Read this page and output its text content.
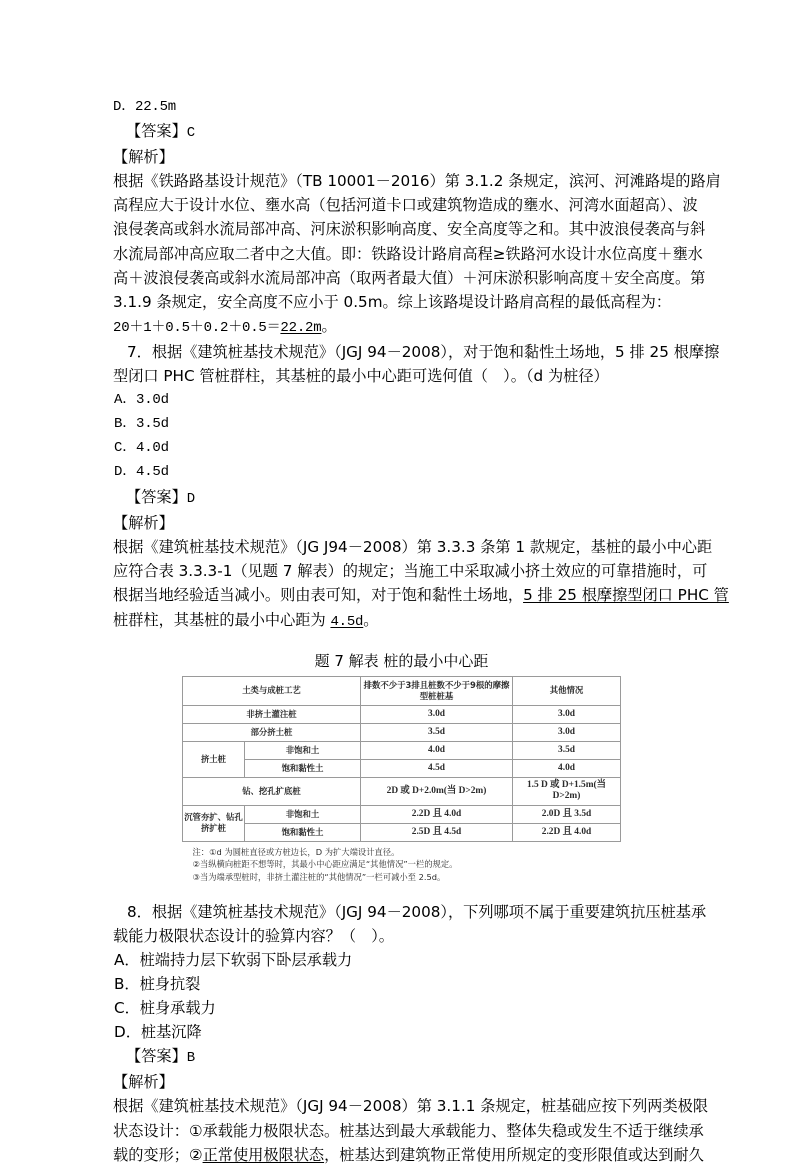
D．22.5m
【答案】C
【解析】
根据《铁路路基设计规范》（TB 10001－2016）第 3.1.2 条规定，滨河、河滩路堤的路肩
高程应大于设计水位、壅水高（包括河道卡口或建筑物造成的壅水、河湾水面超高）、波
浪侵袭高或斜水流局部冲高、河床淤积影响高度、安全高度等之和。其中波浪侵袭高与斜
水流局部冲高应取二者中之大值。即：铁路设计路肩高程≥铁路河水设计水位高度＋壅水
高＋波浪侵袭高或斜水流局部冲高（取两者最大值）＋河床淤积影响高度＋安全高度。第
3.1.9 条规定，安全高度不应小于 0.5m。综上该路堤设计路肩高程的最低高程为：
20＋1＋0.5＋0.2＋0.5＝22.2m。
7．根据《建筑桩基技术规范》（JGJ 94－2008），对于饱和黏性土场地，5 排 25 根摩擦
型闭口 PHC 管桩群柱，其基桩的最小中心距可选何值（　）。（d 为桩径）
A．3.0d
B．3.5d
C．4.0d
D．4.5d
【答案】D
【解析】
根据《建筑桩基技术规范》（JG J94－2008）第 3.3.3 条第 1 款规定，基桩的最小中心距
应符合表 3.3.3-1（见题 7 解表）的规定；当施工中采取减小挤土效应的可靠措施时，可
根据当地经验适当减小。则由表可知，对于饱和黏性土场地，5 排 25 根摩擦型闭口 PHC 管
桩群柱，其基桩的最小中心距为 4.5d。
题 7 解表 桩的最小中心距
土类与成桩工艺		排数不少于3排且桩数不少于9根的摩擦型桩桩基	其他情况
非挤土灌注桩		3.0d	3.0d
部分挤土桩		3.5d	3.0d
挤土桩	非饱和土	4.0d	3.5d
	饱和黏性土	4.5d	4.0d
钻、挖孔扩底桩		2D 或 D+2.0m(当 D>2m)	1.5 D 或 D+1.5m(当 D>2m)
沉管夯扩、钻孔挤扩桩	非饱和土	2.2D 且 4.0d	2.0D 且 3.5d
	饱和黏性土	2.5D 且 4.5d	2.2D 且 4.0d
注：①d 为圆桩直径或方桩边长，D 为扩大端设计直径。
②当纵横向桩距不想等时，其最小中心距应满足“其他情况”一栏的规定。
③当为端承型桩时，非挤土灌注桩的“其他情况”一栏可减小至 2.5d。
8．根据《建筑桩基技术规范》（JGJ 94－2008），下列哪项不属于重要建筑抗压桩基承
载能力极限状态设计的验算内容？（　）。
A．桩端持力层下软弱下卧层承载力
B．桩身抗裂
C．桩身承载力
D．桩基沉降
【答案】B
【解析】
根据《建筑桩基技术规范》（JGJ 94－2008）第 3.1.1 条规定，桩基础应按下列两类极限
状态设计：①承载能力极限状态。桩基达到最大承载能力、整体失稳或发生不适于继续承
载的变形；②正常使用极限状态，桩基达到建筑物正常使用所规定的变形限值或达到耐久
